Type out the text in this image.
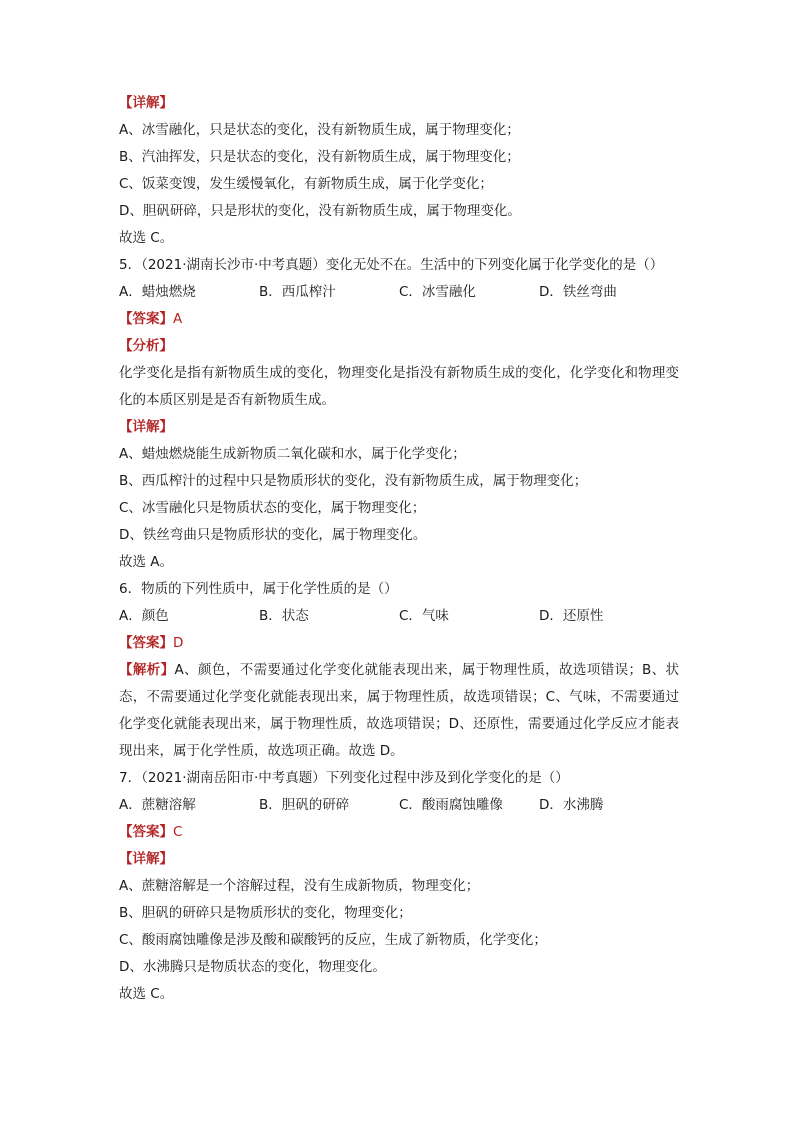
【详解】
A、冰雪融化，只是状态的变化，没有新物质生成，属于物理变化；
B、汽油挥发，只是状态的变化，没有新物质生成，属于物理变化；
C、饭菜变馊，发生缓慢氧化，有新物质生成，属于化学变化；
D、胆矾研碎，只是形状的变化，没有新物质生成，属于物理变化。
故选 C。
5．（2021·湖南长沙市·中考真题）变化无处不在。生活中的下列变化属于化学变化的是（）
A．蜡烛燃烧	B．西瓜榨汁	C．冰雪融化	D．铁丝弯曲
【答案】A
【分析】
化学变化是指有新物质生成的变化，物理变化是指没有新物质生成的变化，化学变化和物理变化的本质区别是是否有新物质生成。
【详解】
A、蜡烛燃烧能生成新物质二氧化碳和水，属于化学变化；
B、西瓜榨汁的过程中只是物质形状的变化，没有新物质生成，属于物理变化；
C、冰雪融化只是物质状态的变化，属于物理变化；
D、铁丝弯曲只是物质形状的变化，属于物理变化。
故选 A。
6．物质的下列性质中，属于化学性质的是（）
A．颜色	B．状态	C．气味	D．还原性
【答案】D
【解析】A、颜色，不需要通过化学变化就能表现出来，属于物理性质，故选项错误；B、状态，不需要通过化学变化就能表现出来，属于物理性质，故选项错误；C、气味，不需要通过化学变化就能表现出来，属于物理性质，故选项错误；D、还原性，需要通过化学反应才能表现出来，属于化学性质，故选项正确。故选 D。
7．（2021·湖南岳阳市·中考真题）下列变化过程中涉及到化学变化的是（）
A．蔗糖溶解	B．胆矾的研碎	C．酸雨腐蚀雕像	D．水沸腾
【答案】C
【详解】
A、蔗糖溶解是一个溶解过程，没有生成新物质，物理变化；
B、胆矾的研碎只是物质形状的变化，物理变化；
C、酸雨腐蚀雕像是涉及酸和碳酸钙的反应，生成了新物质，化学变化；
D、水沸腾只是物质状态的变化，物理变化。
故选 C。
